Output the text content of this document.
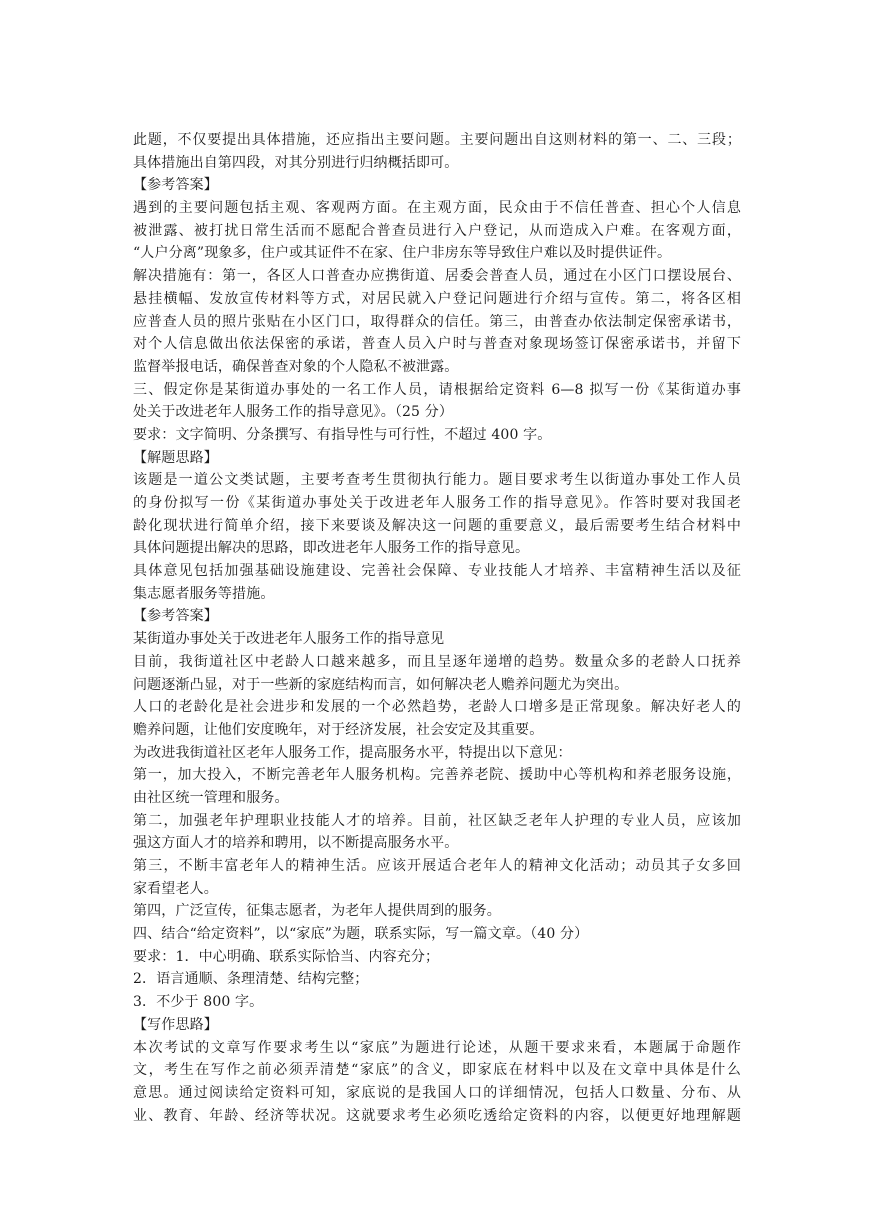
此题，不仅要提出具体措施，还应指出主要问题。主要问题出自这则材料的第一、二、三段；
具体措施出自第四段，对其分别进行归纳概括即可。
【参考答案】
遇到的主要问题包括主观、客观两方面。在主观方面，民众由于不信任普查、担心个人信息
被泄露、被打扰日常生活而不愿配合普查员进行入户登记，从而造成入户难。在客观方面，
“人户分离”现象多，住户或其证件不在家、住户非房东等导致住户难以及时提供证件。
解决措施有：第一，各区人口普查办应携街道、居委会普查人员，通过在小区门口摆设展台、
悬挂横幅、发放宣传材料等方式，对居民就入户登记问题进行介绍与宣传。第二，将各区相
应普查人员的照片张贴在小区门口，取得群众的信任。第三，由普查办依法制定保密承诺书，
对个人信息做出依法保密的承诺，普查人员入户时与普查对象现场签订保密承诺书，并留下
监督举报电话，确保普查对象的个人隐私不被泄露。
三、假定你是某街道办事处的一名工作人员，请根据给定资料 6—8 拟写一份《某街道办事
处关于改进老年人服务工作的指导意见》。（25 分）
要求：文字简明、分条撰写、有指导性与可行性，不超过 400 字。
【解题思路】
该题是一道公文类试题，主要考查考生贯彻执行能力。题目要求考生以街道办事处工作人员
的身份拟写一份《某街道办事处关于改进老年人服务工作的指导意见》。作答时要对我国老
龄化现状进行简单介绍，接下来要谈及解决这一问题的重要意义，最后需要考生结合材料中
具体问题提出解决的思路，即改进老年人服务工作的指导意见。
具体意见包括加强基础设施建设、完善社会保障、专业技能人才培养、丰富精神生活以及征
集志愿者服务等措施。
【参考答案】
某街道办事处关于改进老年人服务工作的指导意见
目前，我街道社区中老龄人口越来越多，而且呈逐年递增的趋势。数量众多的老龄人口抚养
问题逐渐凸显，对于一些新的家庭结构而言，如何解决老人赡养问题尤为突出。
人口的老龄化是社会进步和发展的一个必然趋势，老龄人口增多是正常现象。解决好老人的
赡养问题，让他们安度晚年，对于经济发展，社会安定及其重要。
为改进我街道社区老年人服务工作，提高服务水平，特提出以下意见：
第一，加大投入，不断完善老年人服务机构。完善养老院、援助中心等机构和养老服务设施，
由社区统一管理和服务。
第二，加强老年护理职业技能人才的培养。目前，社区缺乏老年人护理的专业人员，应该加
强这方面人才的培养和聘用，以不断提高服务水平。
第三，不断丰富老年人的精神生活。应该开展适合老年人的精神文化活动；动员其子女多回
家看望老人。
第四，广泛宣传，征集志愿者，为老年人提供周到的服务。
四、结合“给定资料”，以“家底”为题，联系实际，写一篇文章。（40 分）
要求：1．中心明确、联系实际恰当、内容充分；
2．语言通顺、条理清楚、结构完整；
3．不少于 800 字。
【写作思路】
本次考试的文章写作要求考生以“家底”为题进行论述，从题干要求来看，本题属于命题作
文，考生在写作之前必须弄清楚“家底”的含义，即家底在材料中以及在文章中具体是什么
意思。通过阅读给定资料可知，家底说的是我国人口的详细情况，包括人口数量、分布、从
业、教育、年龄、经济等状况。这就要求考生必须吃透给定资料的内容，以便更好地理解题
